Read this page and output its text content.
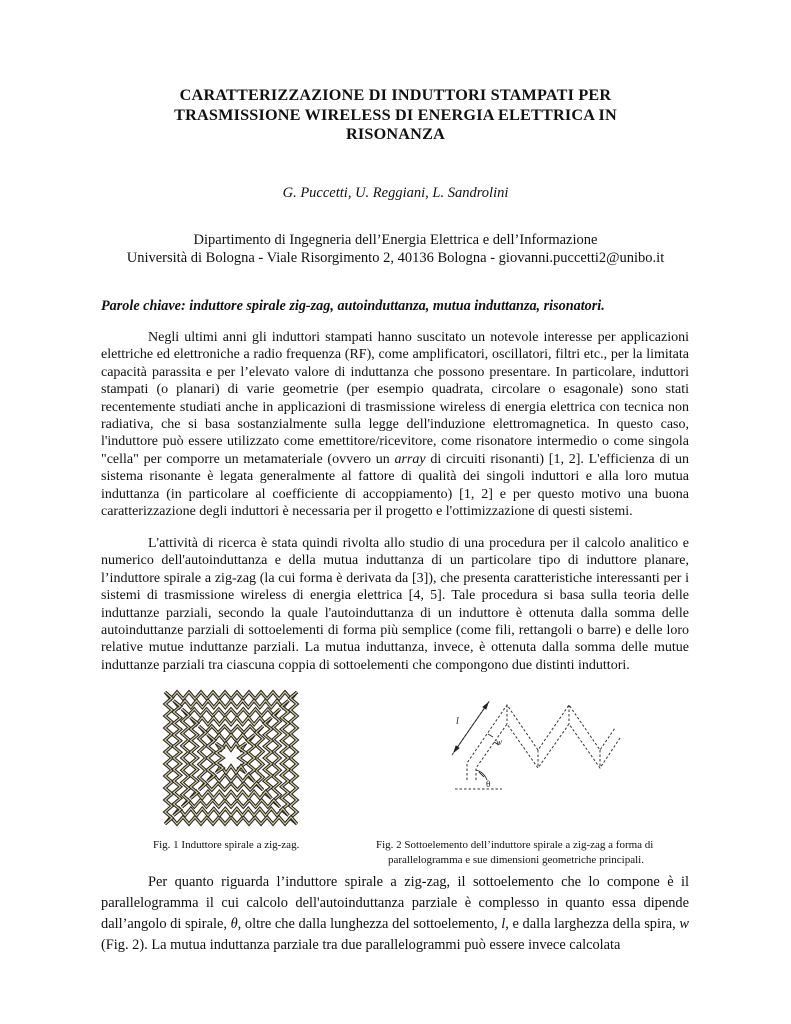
CARATTERIZZAZIONE DI INDUTTORI STAMPATI PER
TRASMISSIONE WIRELESS DI ENERGIA ELETTRICA IN
RISONANZA
G. Puccetti, U. Reggiani, L. Sandrolini
Dipartimento di Ingegneria dell’Energia Elettrica e dell’Informazione
Università di Bologna - Viale Risorgimento 2, 40136 Bologna - giovanni.puccetti2@unibo.it
Parole chiave: induttore spirale zig-zag, autoinduttanza, mutua induttanza, risonatori.

Negli ultimi anni gli induttori stampati hanno suscitato un notevole interesse per applicazioni elettriche ed elettroniche a radio frequenza (RF), come amplificatori, oscillatori, filtri etc., per la limitata capacità parassita e per l’elevato valore di induttanza che possono presentare. In particolare, induttori stampati (o planari) di varie geometrie (per esempio quadrata, circolare o esagonale) sono stati recentemente studiati anche in applicazioni di trasmissione wireless di energia elettrica con tecnica non radiativa, che si basa sostanzialmente sulla legge dell'induzione elettromagnetica. In questo caso, l'induttore può essere utilizzato come emettitore/ricevitore, come risonatore intermedio o come singola "cella" per comporre un metamateriale (ovvero un array di circuiti risonanti) [1, 2]. L'efficienza di un sistema risonante è legata generalmente al fattore di qualità dei singoli induttori e alla loro mutua induttanza (in particolare al coefficiente di accoppiamento) [1, 2] e per questo motivo una buona caratterizzazione degli induttori è necessaria per il progetto e l'ottimizzazione di questi sistemi.

L'attività di ricerca è stata quindi rivolta allo studio di una procedura per il calcolo analitico e numerico dell'autoinduttanza e della mutua induttanza di un particolare tipo di induttore planare, l’induttore spirale a zig-zag (la cui forma è derivata da [3]), che presenta caratteristiche interessanti per i sistemi di trasmissione wireless di energia elettrica [4, 5]. Tale procedura si basa sulla teoria delle induttanze parziali, secondo la quale l'autoinduttanza di un induttore è ottenuta dalla somma delle autoinduttanze parziali di sottoelementi di forma più semplice (come fili, rettangoli o barre) e delle loro relative mutue induttanze parziali. La mutua induttanza, invece, è ottenuta dalla somma delle mutue induttanze parziali tra ciascuna coppia di sottoelementi che compongono due distinti induttori.

l
w
θ
Fig. 1 Induttore spirale a zig-zag.	Fig. 2 Sottoelemento dell’induttore spirale a zig-zag a forma di
parallelogramma e sue dimensioni geometriche principali.

Per quanto riguarda l’induttore spirale a zig-zag, il sottoelemento che lo compone è il parallelogramma il cui calcolo dell'autoinduttanza parziale è complesso in quanto essa dipende dall’angolo di spirale, θ, oltre che dalla lunghezza del sottoelemento, l, e dalla larghezza della spira, w (Fig. 2). La mutua induttanza parziale tra due parallelogrammi può essere invece calcolata
